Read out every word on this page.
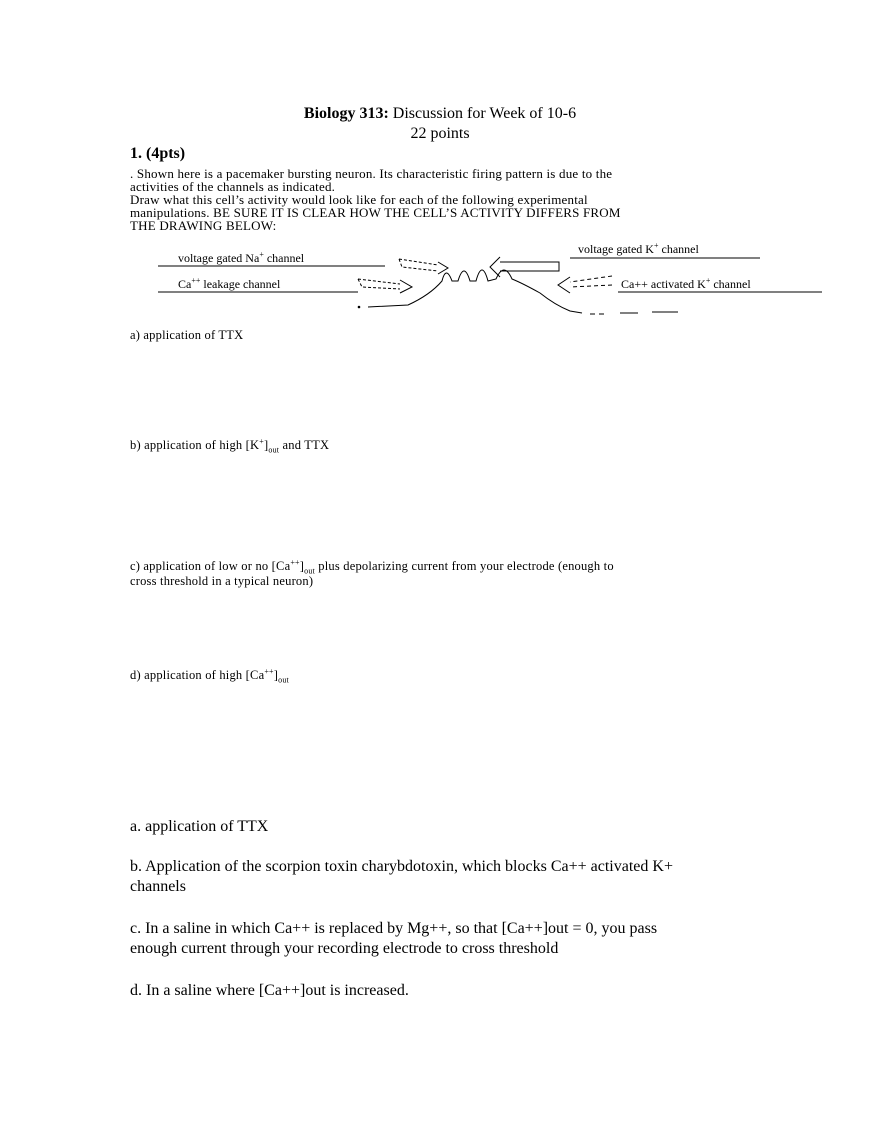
Biology 313: Discussion for Week of 10-6
22 points
1. (4pts)
. Shown here is a pacemaker bursting neuron. Its characteristic firing pattern is due to the
activities of the channels as indicated.
Draw what this cell’s activity would look like for each of the following experimental
manipulations. BE SURE IT IS CLEAR HOW THE CELL’S ACTIVITY DIFFERS FROM
THE DRAWING BELOW:
voltage gated Na+ channel
Ca++ leakage channel
voltage gated K+ channel
Ca++ activated K+ channel
a) application of TTX
b) application of high $[K^+]_{out}$ and TTX
c) application of low or no $[Ca^{++}]_{out}$ plus depolarizing current from your electrode (enough to
cross threshold in a typical neuron)
d) application of high $[Ca^{++}]_{out}$
a. application of TTX
b. Application of the scorpion toxin charybdotoxin, which blocks Ca++ activated K+
channels
c. In a saline in which Ca++ is replaced by Mg++, so that [Ca++]out = 0, you pass
enough current through your recording electrode to cross threshold
d. In a saline where [Ca++]out is increased.
